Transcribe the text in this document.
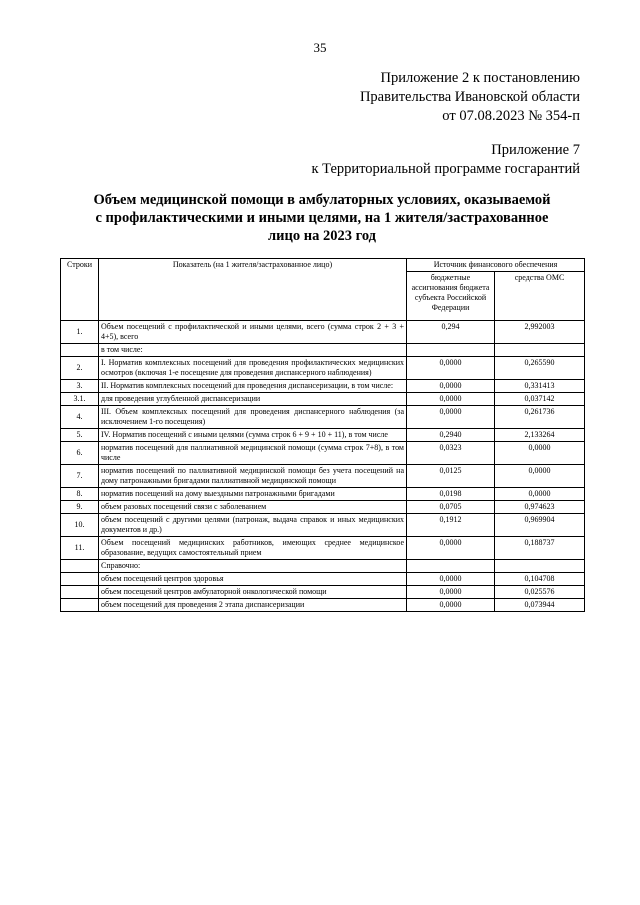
35
Приложение 2 к постановлению
Правительства Ивановской области
от 07.08.2023 № 354-п
Приложение 7
к Территориальной программе госгарантий
Объем медицинской помощи в амбулаторных условиях, оказываемой
с профилактическими и иными целями, на 1 жителя/застрахованное
лицо на 2023 год
Строки	Показатель (на 1 жителя/застрахованное лицо)	Источник финансового обеспечения	
		бюджетные ассигнования бюджета субъекта Российской Федерации	средства ОМС
1.	Объем посещений с профилактической и иными целями, всего (сумма строк 2 + 3 + 4+5), всего	0,294	2,992003
	в том числе:		
2.	I. Норматив комплексных посещений для проведения профилактических медицинских осмотров (включая 1-е посещение для проведения диспансерного наблюдения)	0,0000	0,265590
3.	II. Норматив комплексных посещений для проведения диспансеризации, в том числе:	0,0000	0,331413
3.1.	для проведения углубленной диспансеризации	0,0000	0,037142
4.	III. Объем комплексных посещений для проведения диспансерного наблюдения (за исключением 1-го посещения)	0,0000	0,261736
5.	IV. Норматив посещений с иными целями (сумма строк 6 + 9 + 10 + 11), в том числе	0,2940	2,133264
6.	норматив посещений для паллиативной медицинской помощи (сумма строк 7+8), в том числе	0,0323	0,0000
7.	норматив посещений по паллиативной медицинской помощи без учета посещений на дому патронажными бригадами паллиативной медицинской помощи	0,0125	0,0000
8.	норматив посещений на дому выездными патронажными бригадами	0,0198	0,0000
9.	объем разовых посещений связи с заболеванием	0,0705	0,974623
10.	объем посещений с другими целями (патронаж, выдача справок и иных медицинских документов и др.)	0,1912	0,969904
11.	Объем посещений медицинских работников, имеющих среднее медицинское образование, ведущих самостоятельный прием	0,0000	0,188737
	Справочно:		
	объем посещений центров здоровья	0,0000	0,104708
	объем посещений центров амбулаторной онкологической помощи	0,0000	0,025576
	объем посещений для проведения 2 этапа диспансеризации	0,0000	0,073944
